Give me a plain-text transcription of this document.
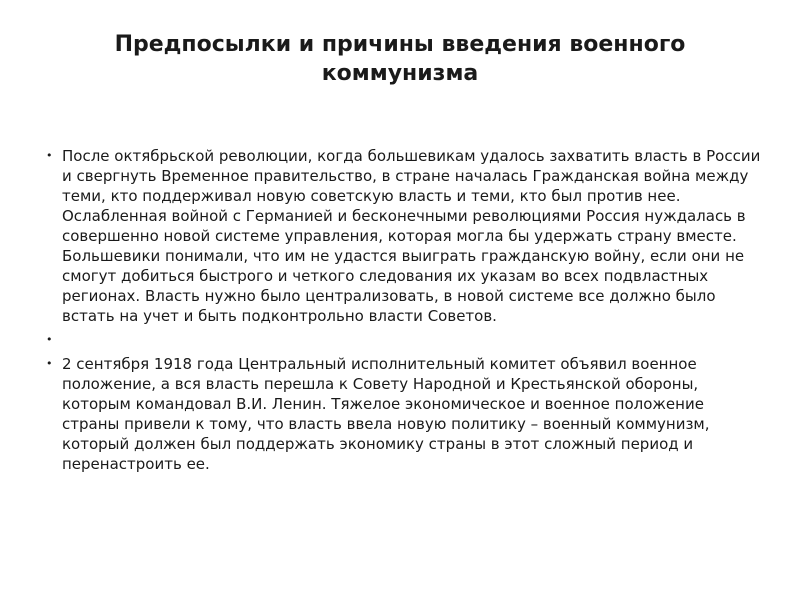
Предпосылки и причины введения военного коммунизма
• После октябрьской революции, когда большевикам удалось захватить власть в России и свергнуть Временное правительство, в стране началась Гражданская война между теми, кто поддерживал новую советскую власть и теми, кто был против нее. Ослабленная войной с Германией и бесконечными революциями Россия нуждалась в совершенно новой системе управления, которая могла бы удержать страну вместе. Большевики понимали, что им не удастся выиграть гражданскую войну, если они не смогут добиться быстрого и четкого следования их указам во всех подвластных регионах. Власть нужно было централизовать, в новой системе все должно было встать на учет и быть подконтрольно власти Советов.
•
• 2 сентября 1918 года Центральный исполнительный комитет объявил военное положение, а вся власть перешла к Совету Народной и Крестьянской обороны, которым командовал В.И. Ленин. Тяжелое экономическое и военное положение страны привели к тому, что власть ввела новую политику – военный коммунизм, который должен был поддержать экономику страны в этот сложный период и перенастроить ее.
